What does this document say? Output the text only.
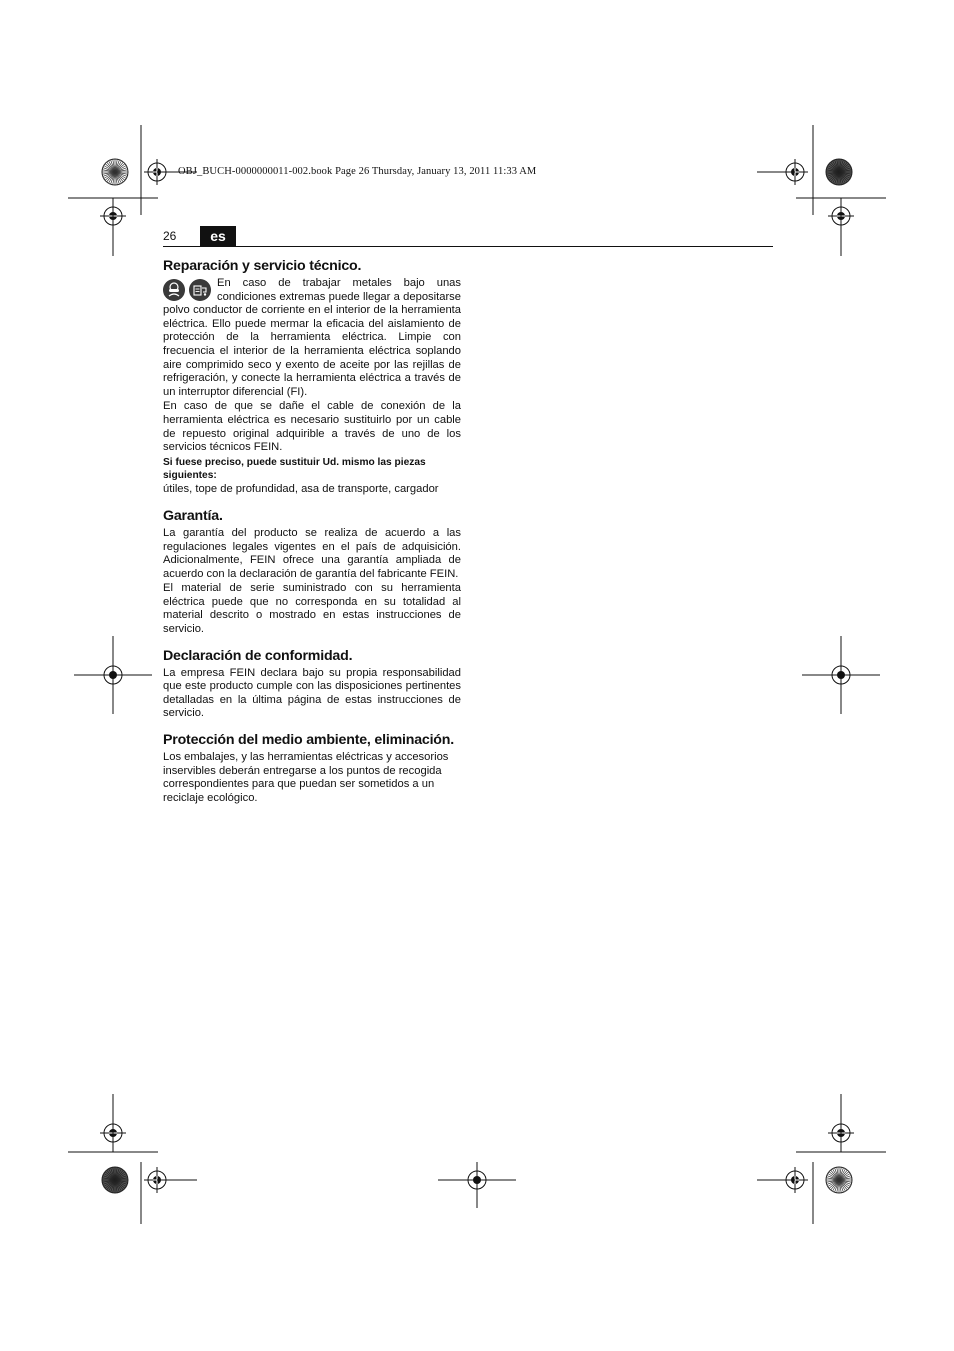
OBJ_BUCH-0000000011-002.book Page 26 Thursday, January 13, 2011 11:33 AM
26	es
Reparación y servicio técnico.

En caso de trabajar metales bajo unas condiciones extremas puede llegar a depositarse polvo conductor de corriente en el interior de la herramienta eléctrica. Ello puede mermar la eficacia del aislamiento de protección de la herramienta eléctrica. Limpie con frecuencia el interior de la herramienta eléctrica soplando aire comprimido seco y exento de aceite por las rejillas de refrigeración, y conecte la herramienta eléctrica a través de un interruptor diferencial (FI).

En caso de que se dañe el cable de conexión de la herramienta eléctrica es necesario sustituirlo por un cable de repuesto original adquirible a través de uno de los servicios técnicos FEIN.

Si fuese preciso, puede sustituir Ud. mismo las piezas siguientes:

útiles, tope de profundidad, asa de transporte, cargador

Garantía.

La garantía del producto se realiza de acuerdo a las regulaciones legales vigentes en el país de adquisición. Adicionalmente, FEIN ofrece una garantía ampliada de acuerdo con la declaración de garantía del fabricante FEIN.

El material de serie suministrado con su herramienta eléctrica puede que no corresponda en su totalidad al material descrito o mostrado en estas instrucciones de servicio.

Declaración de conformidad.

La empresa FEIN declara bajo su propia responsabilidad que este producto cumple con las disposiciones pertinentes detalladas en la última página de estas instrucciones de servicio.

Protección del medio ambiente, eliminación.

Los embalajes, y las herramientas eléctricas y accesorios inservibles deberán entregarse a los puntos de recogida correspondientes para que puedan ser sometidos a un reciclaje ecológico.
